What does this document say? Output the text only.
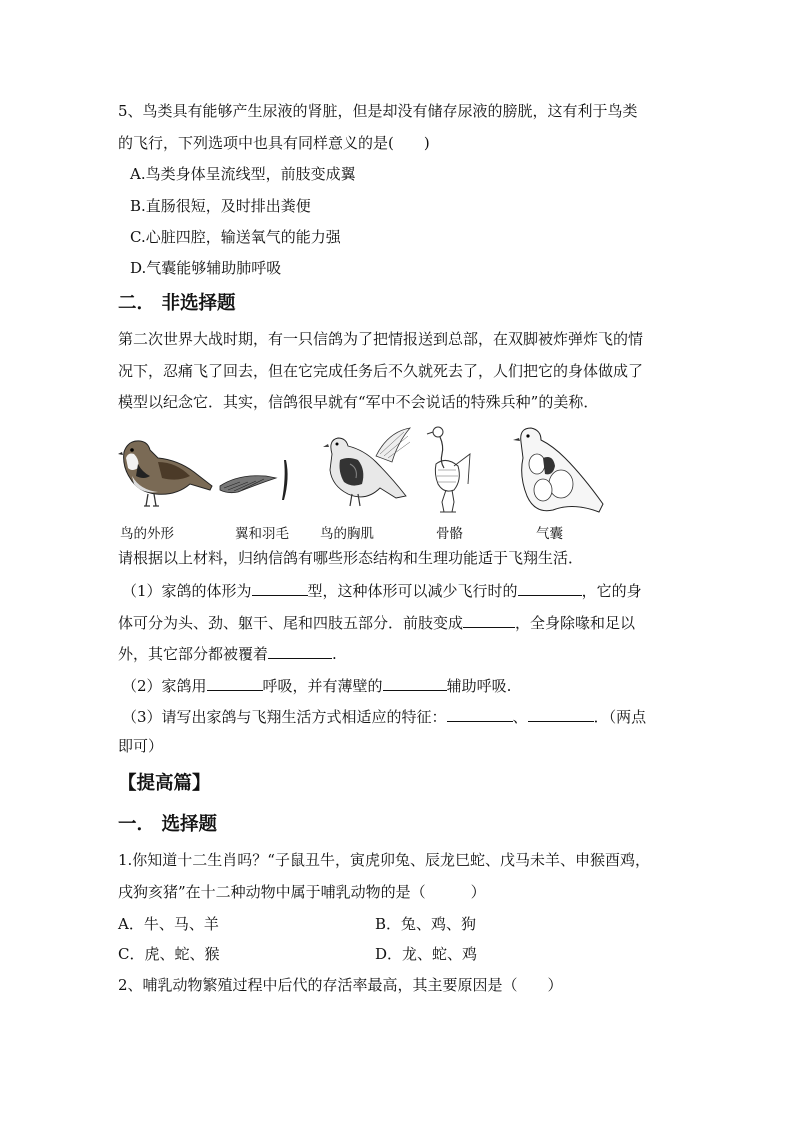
5、鸟类具有能够产生尿液的肾脏，但是却没有储存尿液的膀胱，这有利于鸟类
的飞行，下列选项中也具有同样意义的是(　　)
A.鸟类身体呈流线型，前肢变成翼
B.直肠很短，及时排出粪便
C.心脏四腔，输送氧气的能力强
D.气囊能够辅助肺呼吸
二． 非选择题
第二次世界大战时期，有一只信鸽为了把情报送到总部，在双脚被炸弹炸飞的情
况下，忍痛飞了回去，但在它完成任务后不久就死去了，人们把它的身体做成了
模型以纪念它．其实，信鸽很早就有“军中不会说话的特殊兵种”的美称．
鸟的外形	翼和羽毛 鸟的胸肌	骨骼	气囊
请根据以上材料，归纳信鸽有哪些形态结构和生理功能适于飞翔生活．
（1）家鸽的体形为	型，这种体形可以减少飞行时的	，它的身
体可分为头、劲、躯干、尾和四肢五部分．前肢变成	，全身除喙和足以
外，其它部分都被覆着	.
（2）家鸽用	呼吸，并有薄壁的	辅助呼吸.
（3）请写出家鸽与飞翔生活方式相适应的特征：	、	．（两点
即可）
【提高篇】
一． 选择题
1.你知道十二生肖吗？“子鼠丑牛，寅虎卯兔、辰龙巳蛇、戊马未羊、申猴酉鸡，
戌狗亥猪”在十二种动物中属于哺乳动物的是（　　　）
A．牛、马、羊	B．兔、鸡、狗
C．虎、蛇、猴	D．龙、蛇、鸡
2、哺乳动物繁殖过程中后代的存活率最高，其主要原因是（　　）
